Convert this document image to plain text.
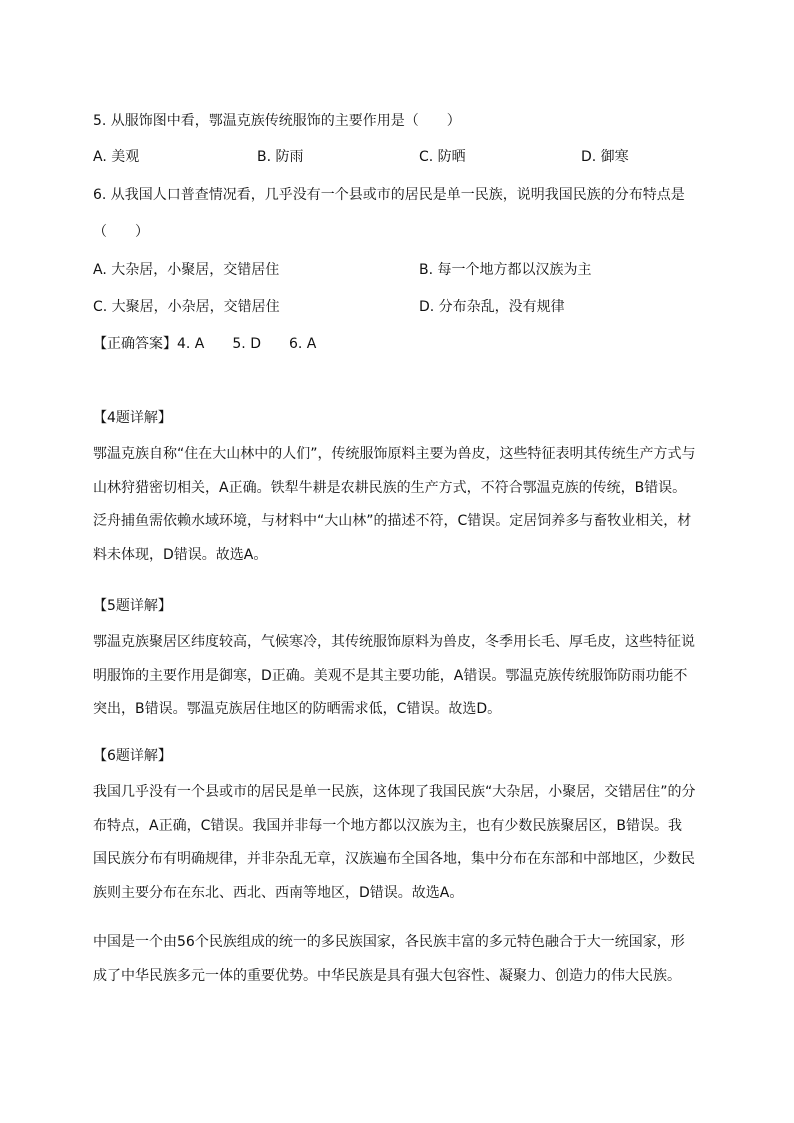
5. 从服饰图中看，鄂温克族传统服饰的主要作用是（　　）
A. 美观	B. 防雨	C. 防晒	D. 御寒
6. 从我国人口普查情况看，几乎没有一个县或市的居民是单一民族，说明我国民族的分布特点是
（　　）
A. 大杂居，小聚居，交错居住	B. 每一个地方都以汉族为主
C. 大聚居，小杂居，交错居住	D. 分布杂乱，没有规律
【正确答案】4. A　　5. D　　6. A
【4题详解】
鄂温克族自称“住在大山林中的人们”，传统服饰原料主要为兽皮，这些特征表明其传统生产方式与
山林狩猎密切相关，A正确。铁犁牛耕是农耕民族的生产方式，不符合鄂温克族的传统，B错误。
泛舟捕鱼需依赖水域环境，与材料中“大山林”的描述不符，C错误。定居饲养多与畜牧业相关，材
料未体现，D错误。故选A。
【5题详解】
鄂温克族聚居区纬度较高，气候寒冷，其传统服饰原料为兽皮，冬季用长毛、厚毛皮，这些特征说
明服饰的主要作用是御寒，D正确。美观不是其主要功能，A错误。鄂温克族传统服饰防雨功能不
突出，B错误。鄂温克族居住地区的防晒需求低，C错误。故选D。
【6题详解】
我国几乎没有一个县或市的居民是单一民族，这体现了我国民族“大杂居，小聚居，交错居住”的分
布特点，A正确，C错误。我国并非每一个地方都以汉族为主，也有少数民族聚居区，B错误。我
国民族分布有明确规律，并非杂乱无章，汉族遍布全国各地，集中分布在东部和中部地区，少数民
族则主要分布在东北、西北、西南等地区，D错误。故选A。
中国是一个由56个民族组成的统一的多民族国家，各民族丰富的多元特色融合于大一统国家，形
成了中华民族多元一体的重要优势。中华民族是具有强大包容性、凝聚力、创造力的伟大民族。
